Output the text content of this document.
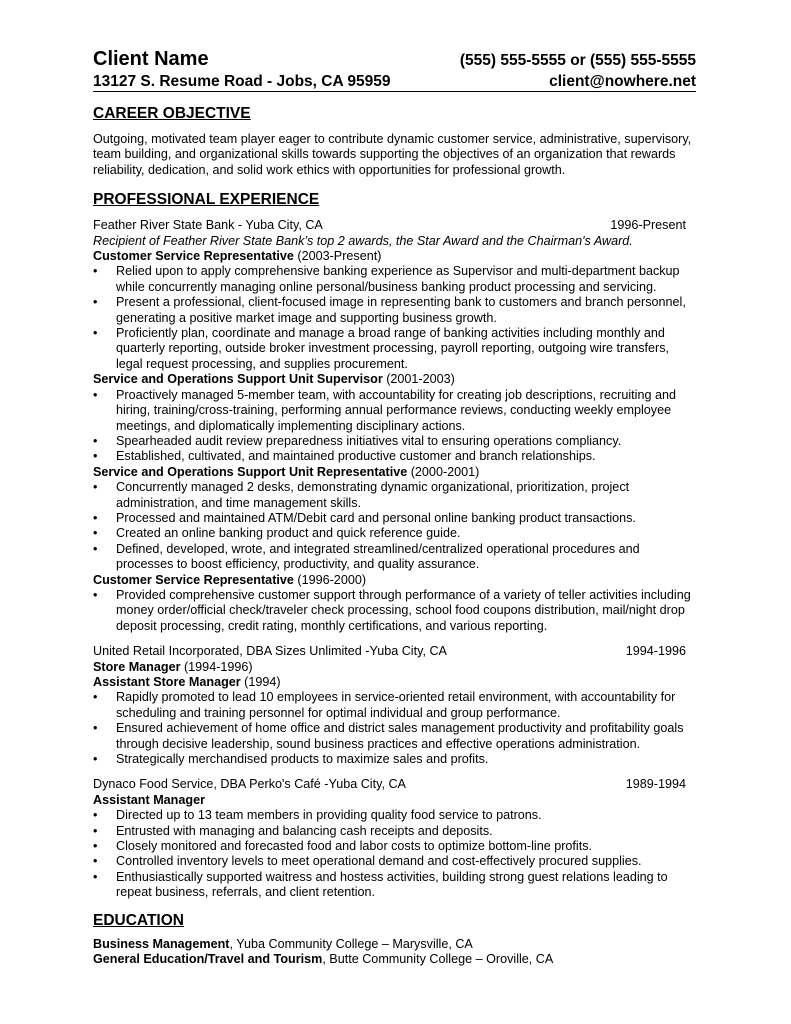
Client Name	(555) 555-5555 or (555) 555-5555
13127 S. Resume Road - Jobs, CA 95959	client@nowhere.net
CAREER OBJECTIVE
Outgoing, motivated team player eager to contribute dynamic customer service, administrative, supervisory, team building, and organizational skills towards supporting the objectives of an organization that rewards reliability, dedication, and solid work ethics with opportunities for professional growth.
PROFESSIONAL EXPERIENCE
Feather River State Bank - Yuba City, CA	1996-Present
Recipient of Feather River State Bank’s top 2 awards, the Star Award and the Chairman's Award.
Customer Service Representative (2003-Present)
• Relied upon to apply comprehensive banking experience as Supervisor and multi-department backup while concurrently managing online personal/business banking product processing and servicing.
• Present a professional, client-focused image in representing bank to customers and branch personnel, generating a positive market image and supporting business growth.
• Proficiently plan, coordinate and manage a broad range of banking activities including monthly and quarterly reporting, outside broker investment processing, payroll reporting, outgoing wire transfers, legal request processing, and supplies procurement.
Service and Operations Support Unit Supervisor (2001-2003)
• Proactively managed 5-member team, with accountability for creating job descriptions, recruiting and hiring, training/cross-training, performing annual performance reviews, conducting weekly employee meetings, and diplomatically implementing disciplinary actions.
• Spearheaded audit review preparedness initiatives vital to ensuring operations compliancy.
• Established, cultivated, and maintained productive customer and branch relationships.
Service and Operations Support Unit Representative (2000-2001)
• Concurrently managed 2 desks, demonstrating dynamic organizational, prioritization, project administration, and time management skills.
• Processed and maintained ATM/Debit card and personal online banking product transactions.
• Created an online banking product and quick reference guide.
• Defined, developed, wrote, and integrated streamlined/centralized operational procedures and processes to boost efficiency, productivity, and quality assurance.
Customer Service Representative (1996-2000)
• Provided comprehensive customer support through performance of a variety of teller activities including money order/official check/traveler check processing, school food coupons distribution, mail/night drop deposit processing, credit rating, monthly certifications, and various reporting.
United Retail Incorporated, DBA Sizes Unlimited -Yuba City, CA	1994-1996
Store Manager (1994-1996)
Assistant Store Manager (1994)
• Rapidly promoted to lead 10 employees in service-oriented retail environment, with accountability for scheduling and training personnel for optimal individual and group performance.
• Ensured achievement of home office and district sales management productivity and profitability goals through decisive leadership, sound business practices and effective operations administration.
• Strategically merchandised products to maximize sales and profits.
Dynaco Food Service, DBA Perko's Café -Yuba City, CA	1989-1994
Assistant Manager
• Directed up to 13 team members in providing quality food service to patrons.
• Entrusted with managing and balancing cash receipts and deposits.
• Closely monitored and forecasted food and labor costs to optimize bottom-line profits.
• Controlled inventory levels to meet operational demand and cost-effectively procured supplies.
• Enthusiastically supported waitress and hostess activities, building strong guest relations leading to repeat business, referrals, and client retention.
EDUCATION
Business Management, Yuba Community College – Marysville, CA
General Education/Travel and Tourism, Butte Community College – Oroville, CA
